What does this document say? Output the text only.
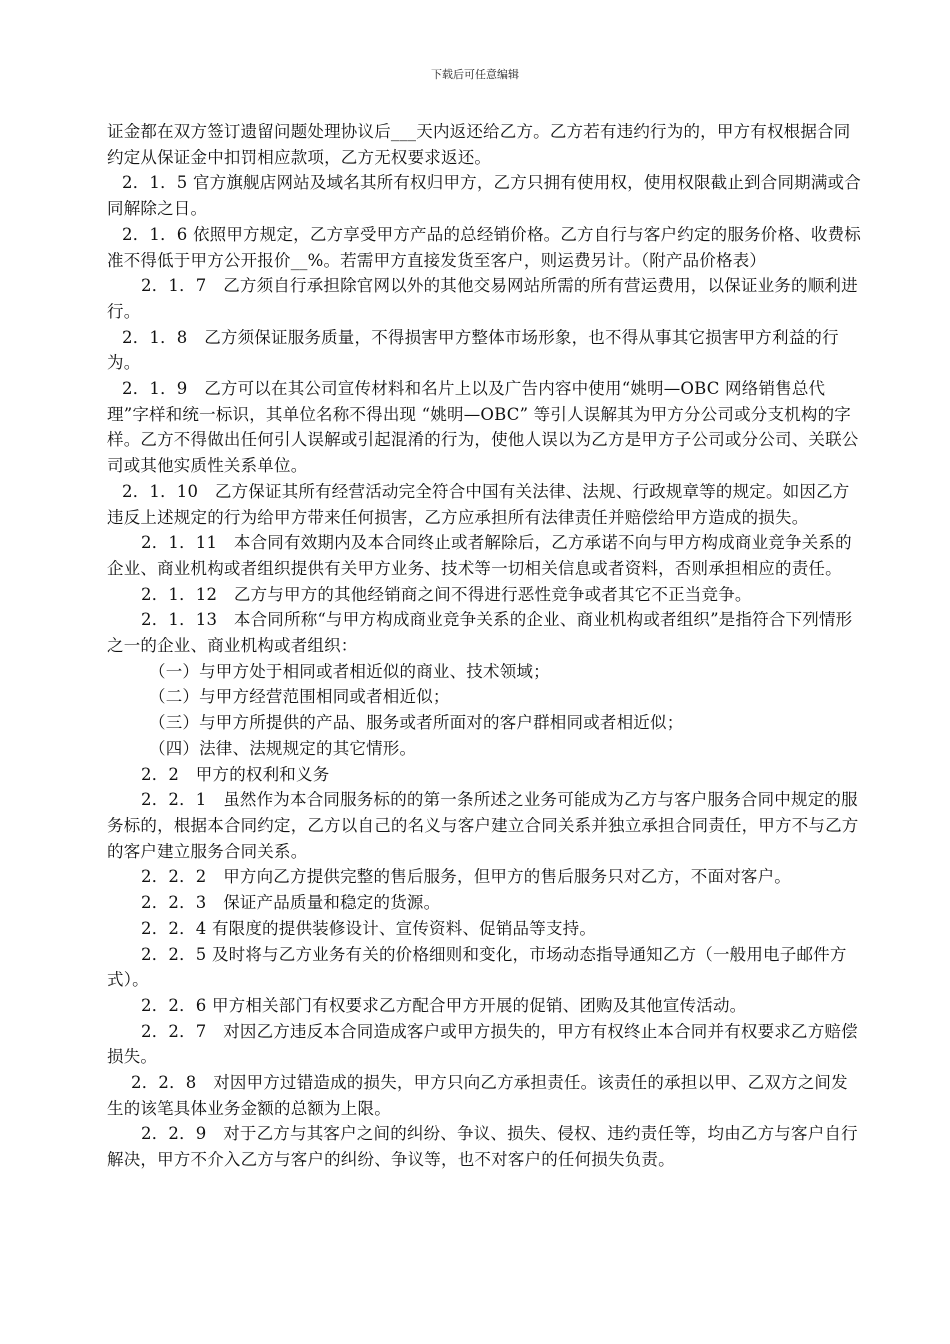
下载后可任意编辑

证金都在双方签订遗留问题处理协议后___天内返还给乙方。乙方若有违约行为的，甲方有权根据合同约定从保证金中扣罚相应款项，乙方无权要求返还。

2．1．5 官方旗舰店网站及域名其所有权归甲方，乙方只拥有使用权，使用权限截止到合同期满或合同解除之日。

2．1．6 依照甲方规定，乙方享受甲方产品的总经销价格。乙方自行与客户约定的服务价格、收费标准不得低于甲方公开报价__%。若需甲方直接发货至客户，则运费另计。（附产品价格表）

2．1．7　乙方须自行承担除官网以外的其他交易网站所需的所有营运费用，以保证业务的顺利进行。

2．1．8　乙方须保证服务质量，不得损害甲方整体市场形象，也不得从事其它损害甲方利益的行为。

2．1．9　乙方可以在其公司宣传材料和名片上以及广告内容中使用“姚明—OBC 网络销售总代理”字样和统一标识，其单位名称不得出现 “姚明—OBC” 等引人误解其为甲方分公司或分支机构的字样。乙方不得做出任何引人误解或引起混淆的行为，使他人误以为乙方是甲方子公司或分公司、关联公司或其他实质性关系单位。

2．1．10　乙方保证其所有经营活动完全符合中国有关法律、法规、行政规章等的规定。如因乙方违反上述规定的行为给甲方带来任何损害，乙方应承担所有法律责任并赔偿给甲方造成的损失。

2．1．11　本合同有效期内及本合同终止或者解除后，乙方承诺不向与甲方构成商业竞争关系的企业、商业机构或者组织提供有关甲方业务、技术等一切相关信息或者资料，否则承担相应的责任。

2．1．12　乙方与甲方的其他经销商之间不得进行恶性竞争或者其它不正当竞争。

2．1．13　本合同所称“与甲方构成商业竞争关系的企业、商业机构或者组织”是指符合下列情形之一的企业、商业机构或者组织：

（一）与甲方处于相同或者相近似的商业、技术领域；

（二）与甲方经营范围相同或者相近似；

（三）与甲方所提供的产品、服务或者所面对的客户群相同或者相近似；

（四）法律、法规规定的其它情形。

2．2　甲方的权利和义务

2．2．1　虽然作为本合同服务标的的第一条所述之业务可能成为乙方与客户服务合同中规定的服务标的，根据本合同约定，乙方以自己的名义与客户建立合同关系并独立承担合同责任，甲方不与乙方的客户建立服务合同关系。

2．2．2　甲方向乙方提供完整的售后服务，但甲方的售后服务只对乙方，不面对客户。

2．2．3　保证产品质量和稳定的货源。

2．2．4 有限度的提供装修设计、宣传资料、促销品等支持。

2．2．5 及时将与乙方业务有关的价格细则和变化，市场动态指导通知乙方（一般用电子邮件方式）。

2．2．6 甲方相关部门有权要求乙方配合甲方开展的促销、团购及其他宣传活动。

2．2．7　对因乙方违反本合同造成客户或甲方损失的，甲方有权终止本合同并有权要求乙方赔偿损失。

2．2．8　对因甲方过错造成的损失，甲方只向乙方承担责任。该责任的承担以甲、乙双方之间发生的该笔具体业务金额的总额为上限。

2．2．9　对于乙方与其客户之间的纠纷、争议、损失、侵权、违约责任等，均由乙方与客户自行解决，甲方不介入乙方与客户的纠纷、争议等，也不对客户的任何损失负责。
